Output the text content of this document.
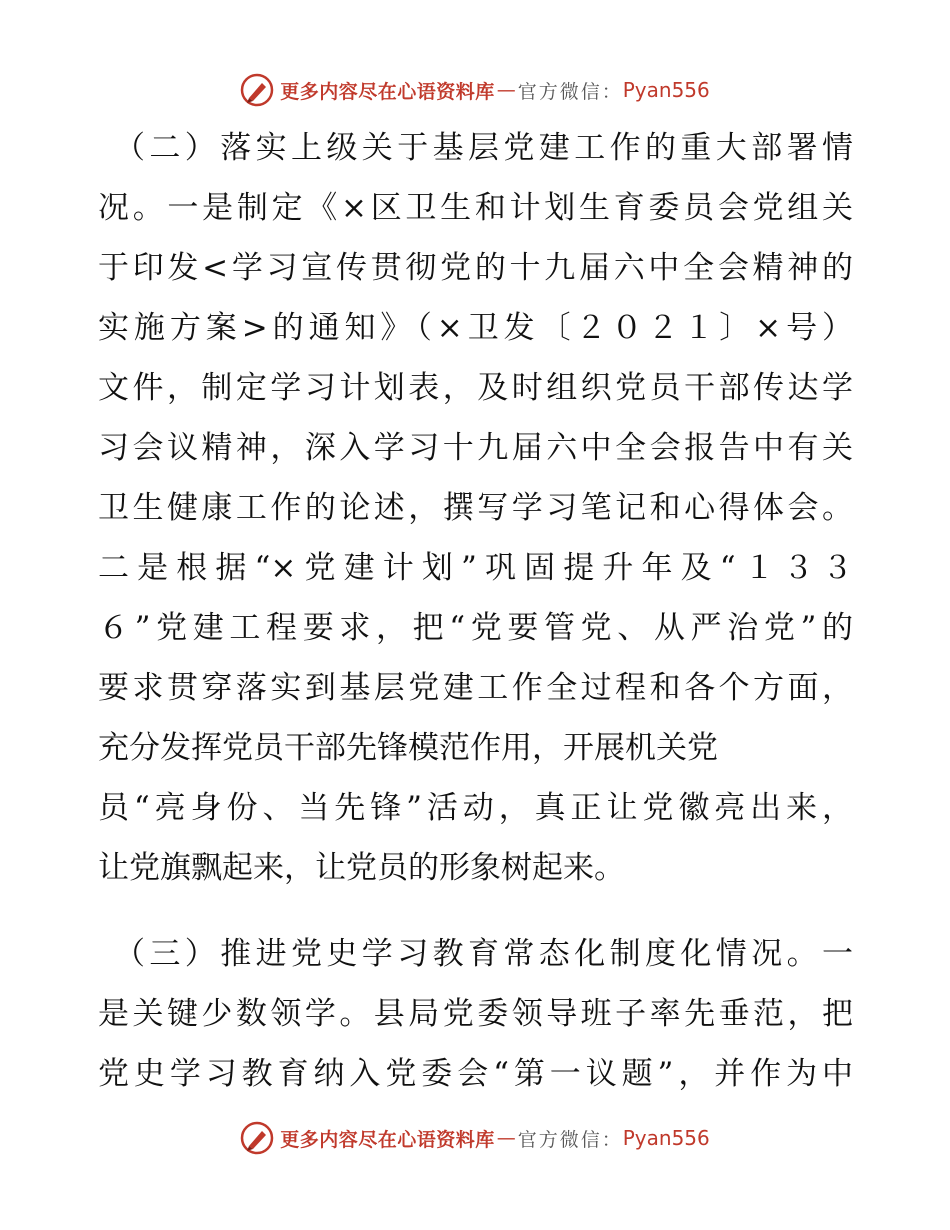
更多内容尽在心语资料库 — 官方微信： Pyan556
（二）落实上级关于基层党建工作的重大部署情
况。一是制定《×区卫生和计划生育委员会党组关
于印发<学习宣传贯彻党的十九届六中全会精神的
实施方案>的通知》（×卫发〔２０２１〕×号）
文件，制定学习计划表，及时组织党员干部传达学
习会议精神，深入学习十九届六中全会报告中有关
卫生健康工作的论述，撰写学习笔记和心得体会。
二是根据“×党建计划”巩固提升年及“１３３
６”党建工程要求，把“党要管党、从严治党”的
要求贯穿落实到基层党建工作全过程和各个方面，
充分发挥党员干部先锋模范作用，开展机关党
员“亮身份、当先锋”活动，真正让党徽亮出来，
让党旗飘起来，让党员的形象树起来。
（三）推进党史学习教育常态化制度化情况。一
是关键少数领学。县局党委领导班子率先垂范，把
党史学习教育纳入党委会“第一议题”，并作为中
更多内容尽在心语资料库 — 官方微信： Pyan556
